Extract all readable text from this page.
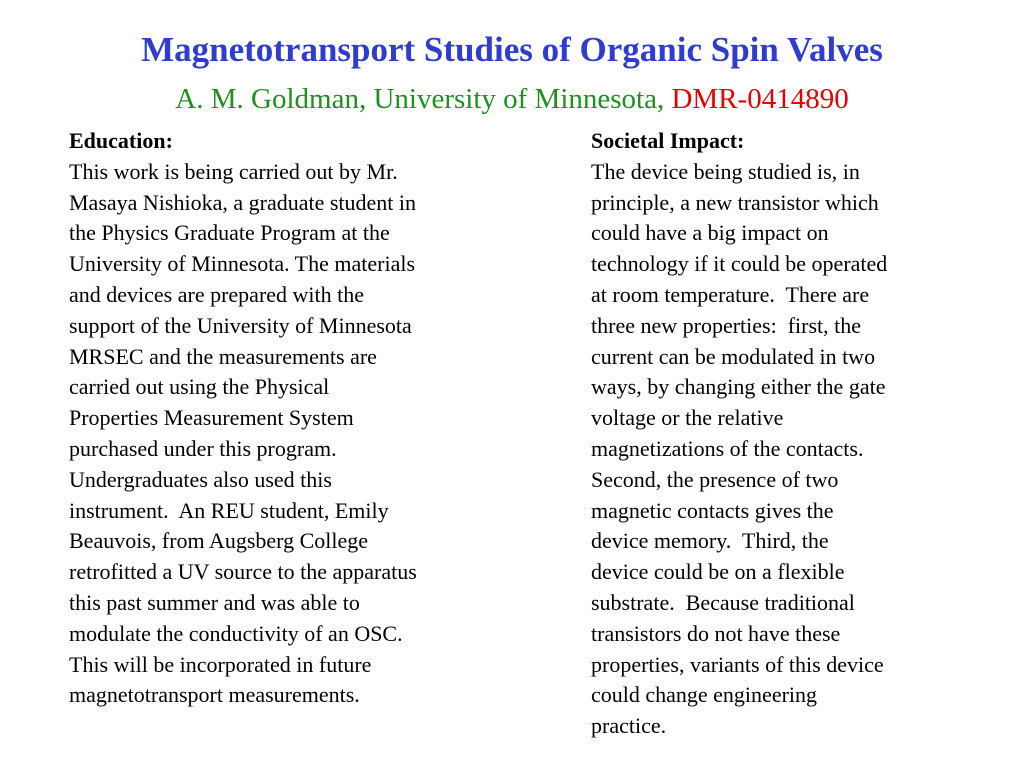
Magnetotransport Studies of Organic Spin Valves
A. M. Goldman, University of Minnesota, DMR-0414890
Education:
This work is being carried out by Mr.
Masaya Nishioka, a graduate student in
the Physics Graduate Program at the
University of Minnesota. The materials
and devices are prepared with the
support of the University of Minnesota
MRSEC and the measurements are
carried out using the Physical
Properties Measurement System
purchased under this program.
Undergraduates also used this
instrument.  An REU student, Emily
Beauvois, from Augsberg College
retrofitted a UV source to the apparatus
this past summer and was able to
modulate the conductivity of an OSC.
This will be incorporated in future
magnetotransport measurements.
Societal Impact:
The device being studied is, in
principle, a new transistor which
could have a big impact on
technology if it could be operated
at room temperature.  There are
three new properties:  first, the
current can be modulated in two
ways, by changing either the gate
voltage or the relative
magnetizations of the contacts.
Second, the presence of two
magnetic contacts gives the
device memory.  Third, the
device could be on a flexible
substrate.  Because traditional
transistors do not have these
properties, variants of this device
could change engineering
practice.
